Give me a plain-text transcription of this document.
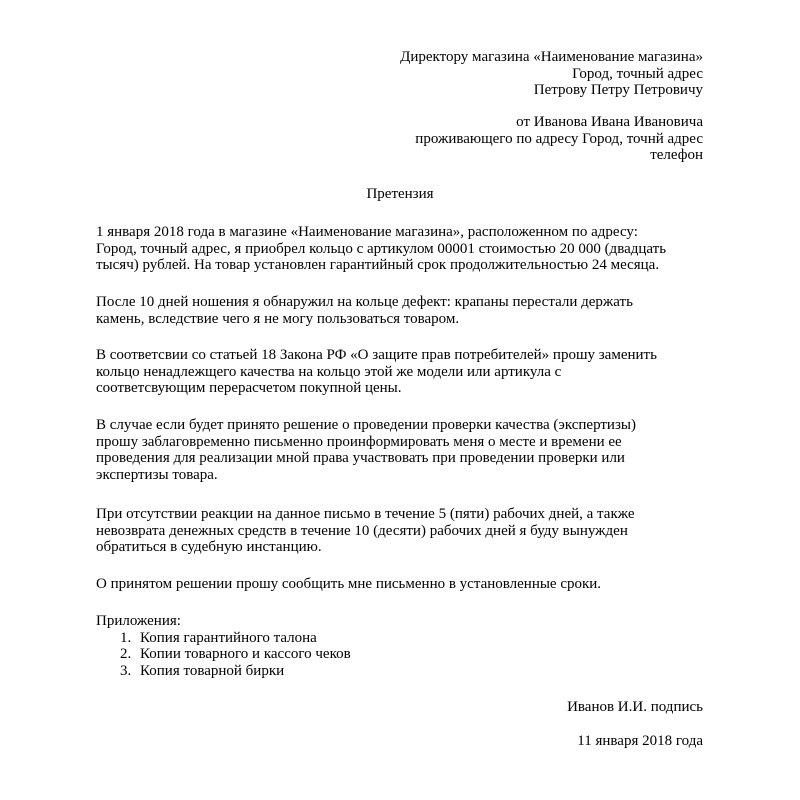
Директору магазина «Наименование магазина»
Город, точный адрес
Петрову Петру Петровичу
от Иванова Ивана Ивановича
проживающего по адресу Город, точнй адрес
телефон
Претензия
1 января 2018 года в магазине «Наименование магазина», расположенном по адресу:
Город, точный адрес, я приобрел кольцо с артикулом 00001 стоимостью 20 000 (двадцать
тысяч) рублей. На товар установлен гарантийный срок продолжительностью 24 месяца.
После 10 дней ношения я обнаружил на кольце дефект: крапаны перестали держать
камень, вследствие чего я не могу пользоваться товаром.
В соответсвии со статьей 18 Закона РФ «О защите прав потребителей» прошу заменить
кольцо ненадлежщего качества на кольцо этой же модели или артикула с
соответсвующим перерасчетом покупной цены.
В случае если будет принято решение о проведении проверки качества (экспертизы)
прошу заблаговременно письменно проинформировать меня о месте и времени ее
проведения для реализации мной права участвовать при проведении проверки или
экспертизы товара.
При отсутствии реакции на данное письмо в течение 5 (пяти) рабочих дней, а также
невозврата денежных средств в течение 10 (десяти) рабочих дней я буду вынужден
обратиться в судебную инстанцию.
О принятом решении прошу сообщить мне письменно в установленные сроки.
Приложения:
1. Копия гарантийного талона
2. Копии товарного и кассого чеков
3. Копия товарной бирки
Иванов И.И. подпись
11 января 2018 года
